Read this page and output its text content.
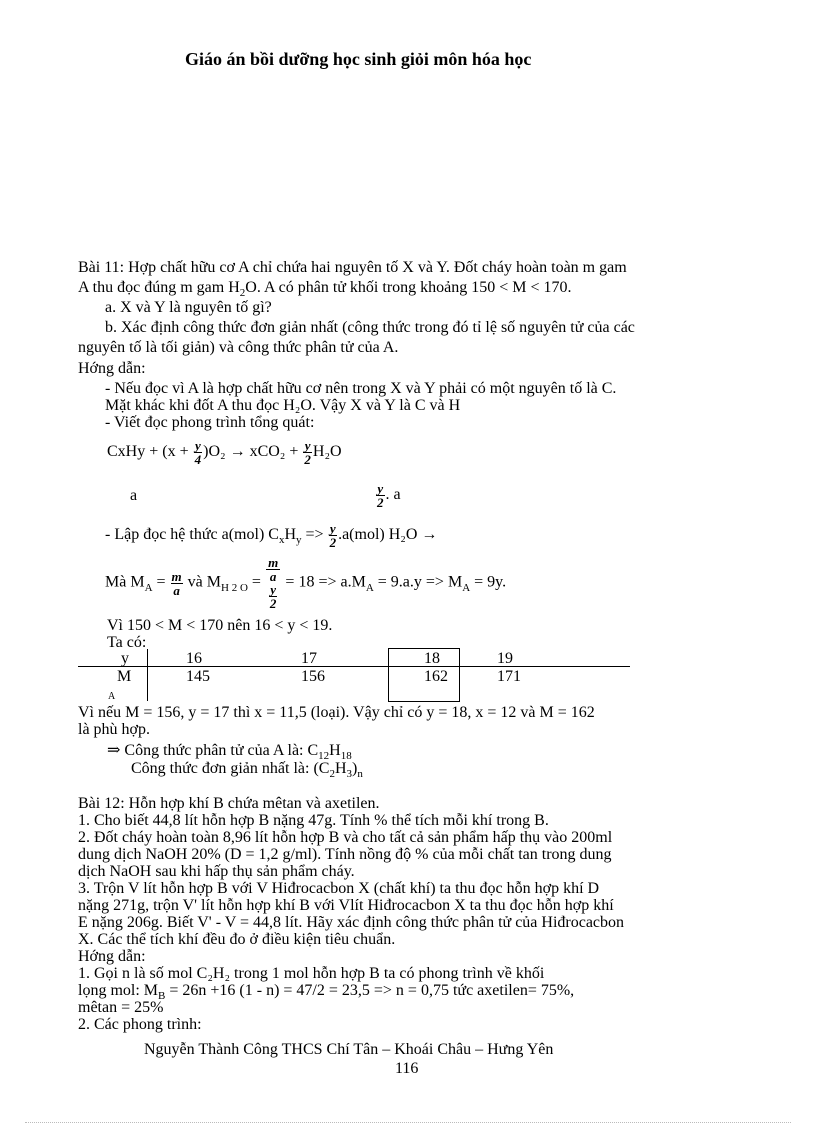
Giáo án bồi dưỡng học sinh giỏi môn hóa học
Bài 11: Hợp chất hữu cơ A chỉ chứa hai nguyên tố X và Y. Đốt cháy hoàn toàn m gam
A thu đọc đúng m gam $H_2O$. A có phân tử khối trong khoảng 150 < M < 170.
a. X và Y là nguyên tố gì?
b. Xác định công thức đơn giản nhất (công thức trong đó tỉ lệ số nguyên tử của các
nguyên tố là tối giản) và công thức phân tử của A.
Hớng dẫn:
- Nếu đọc vì A là hợp chất hữu cơ nên trong X và Y phải có một nguyên tố là C.
Mặt khác khi đốt A thu đọc H₂O. Vậy X và Y là C và H
- Viết đọc phong trình tổng quát:
CxHy + $(x + \frac{y}{4} )O_2 \to xCO_2 + \frac{y}{2} H_2O$
a	$\frac{y}{2}$ . a
- Lập đọc hệ thức a(mol) $C_xH_y => \frac{y}{2} .a(mol) H_2O$ →
Mà $M_A = \frac{m}{a}$ và $M_{H 2 O} = m$
a
y
$2 = 18 => a.M_A = 9.a.y => M_A = 9y$.
Vì 150 < M < 170 nên 16 < y < 19.
Ta có:
y	16	17	18	19
M	145	156	162	171
A
Vì nếu M = 156, y = 17 thì x = 11,5 (loại). Vậy chỉ có y = 18, x = 12 và M = 162
là phù hợp.
⇒ Công thức phân tử của A là: $C_{12}H_{18}$
Công thức đơn giản nhất là: $(C_2H_3)_n$
Bài 12: Hỗn hợp khí B chứa mêtan và axetilen.
1. Cho biết 44,8 lít hỗn hợp B nặng 47g. Tính % thể tích mỗi khí trong B.
2. Đốt cháy hoàn toàn 8,96 lít hỗn hợp B và cho tất cả sản phẩm hấp thụ vào 200ml
dung dịch NaOH 20% (D = 1,2 g/ml). Tính nồng độ % của mỗi chất tan trong dung
dịch NaOH sau khi hấp thụ sản phẩm cháy.
3. Trộn V lít hỗn hợp B với V Hiđrocacbon X (chất khí) ta thu đọc hỗn hợp khí D
nặng 271g, trộn V' lít hỗn hợp khí B với Vlít Hiđrocacbon X ta thu đọc hỗn hợp khí
E nặng 206g. Biết V' - V = 44,8 lít. Hãy xác định công thức phân tử của Hiđrocacbon
X. Các thể tích khí đều đo ở điều kiện tiêu chuẩn.
Hớng dẫn:
1. Gọi n là số mol C₂H₂ trong 1 mol hỗn hợp B ta có phong trình về khối
lọng mol: $M_B = 26n +16$ (1 - n) = 47/2 = 23,5 => n = 0,75 tức axetilen= 75%,
mêtan = 25%
2. Các phong trình:
Nguyễn Thành Công THCS Chí Tân – Khoái Châu – Hưng Yên
116
